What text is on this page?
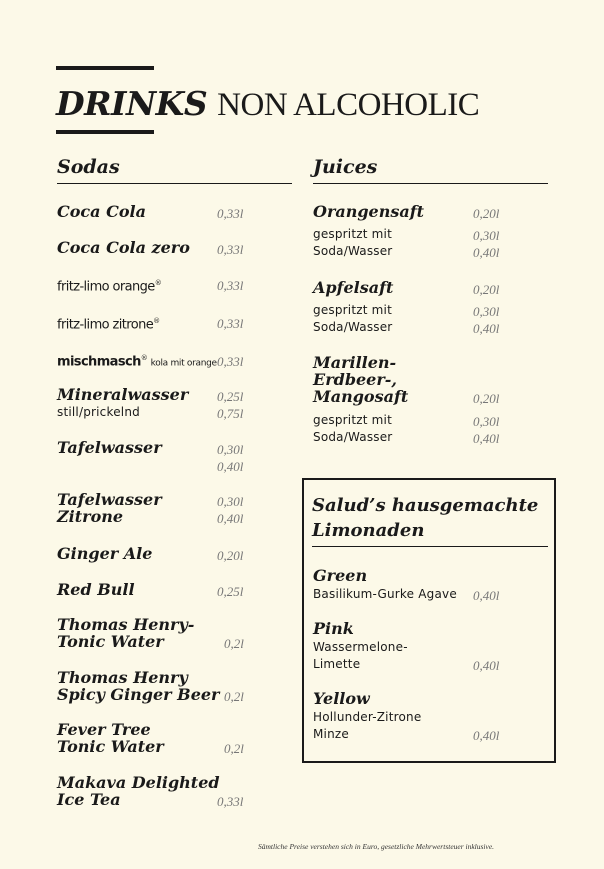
DRINKS NON ALCOHOLIC
Sodas
Coca Cola	0,33l
Coca Cola zero 0,33l
fritz-limo orange®	0,33l
fritz-limo zitrone®	0,33l
mischmasch® kola mit orange 0,33l
Mineralwasser 0,25l
still/prickelnd	0,75l
Tafelwasser	0,30l
0,40l
Tafelwasser
Zitrone
0,30l
0,40l
Ginger Ale	0,20l
Red Bull	0,25l
Thomas Henry-
Tonic Water	0,2l
Thomas Henry
Spicy Ginger Beer 0,2l
Fever Tree
Tonic Water	0,2l
Makava Delighted
Ice Tea	0,33l
Juices
Orangensaft	0,20l
gespritzt mit	0,30l
Soda/Wasser	0,40l
Apfelsaft	0,20l
gespritzt mit	0,30l
Soda/Wasser	0,40l
Marillen-
Erdbeer-,
Mangosaft	0,20l
gespritzt mit	0,30l
Soda/Wasser	0,40l
Salud’s hausgemachte
Limonaden
Green
Basilikum-Gurke Agave 0,40l
Pink
Wassermelone-
Limette	0,40l
Yellow
Hollunder-Zitrone
Minze	0,40l
Sämtliche Preise verstehen sich in Euro, gesetzliche Mehrwertsteuer inklusive.
